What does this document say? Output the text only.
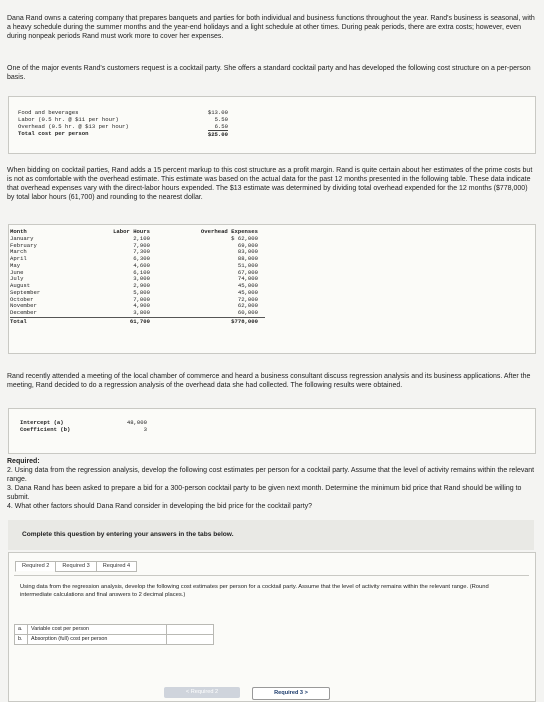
Dana Rand owns a catering company that prepares banquets and parties for both individual and business functions throughout the year. Rand's business is seasonal, with a heavy schedule during the summer months and the year-end holidays and a light schedule at other times. During peak periods, there are extra costs; however, even during nonpeak periods Rand must work more to cover her expenses.

One of the major events Rand's customers request is a cocktail party. She offers a standard cocktail party and has developed the following cost structure on a per-person basis.

Food and beverages	$13.00
Labor (0.5 hr. @ $11 per hour)	5.50
Overhead (0.5 hr. @ $13 per hour)	6.50
Total cost per person	$25.00

When bidding on cocktail parties, Rand adds a 15 percent markup to this cost structure as a profit margin. Rand is quite certain about her estimates of the prime costs but is not as comfortable with the overhead estimate. This estimate was based on the actual data for the past 12 months presented in the following table. These data indicate that overhead expenses vary with the direct-labor hours expended. The $13 estimate was determined by dividing total overhead expended for the 12 months ($778,000) by total labor hours (61,700) and rounding to the nearest dollar.

Month	Labor Hours	Overhead Expenses
January	2,100	$ 62,000
February	7,900	69,000
March	7,300	83,000
April	6,300	88,000
May	4,600	51,000
June	6,100	67,000
July	3,000	74,000
August	2,900	45,000
September	5,800	45,000
October	7,000	72,000
November	4,900	62,000
December	3,800	60,000
Total	61,700	$778,000

Rand recently attended a meeting of the local chamber of commerce and heard a business consultant discuss regression analysis and its business applications. After the meeting, Rand decided to do a regression analysis of the overhead data she had collected. The following results were obtained.

Intercept (a)	48,000
Coefficient (b)	3
Required:
2. Using data from the regression analysis, develop the following cost estimates per person for a cocktail party. Assume that the level of activity remains within the relevant range.
3. Dana Rand has been asked to prepare a bid for a 300-person cocktail party to be given next month. Determine the minimum bid price that Rand should be willing to submit.
4. What other factors should Dana Rand consider in developing the bid price for the cocktail party?
Complete this question by entering your answers in the tabs below.
Required 2	Required 3	Required 4
Using data from the regression analysis, develop the following cost estimates per person for a cocktail party. Assume that the level of activity remains within the relevant range. (Round intermediate calculations and final answers to 2 decimal places.)
a.	Variable cost per person	
b.	Absorption (full) cost per person	
< Required 2	Required 3 >
